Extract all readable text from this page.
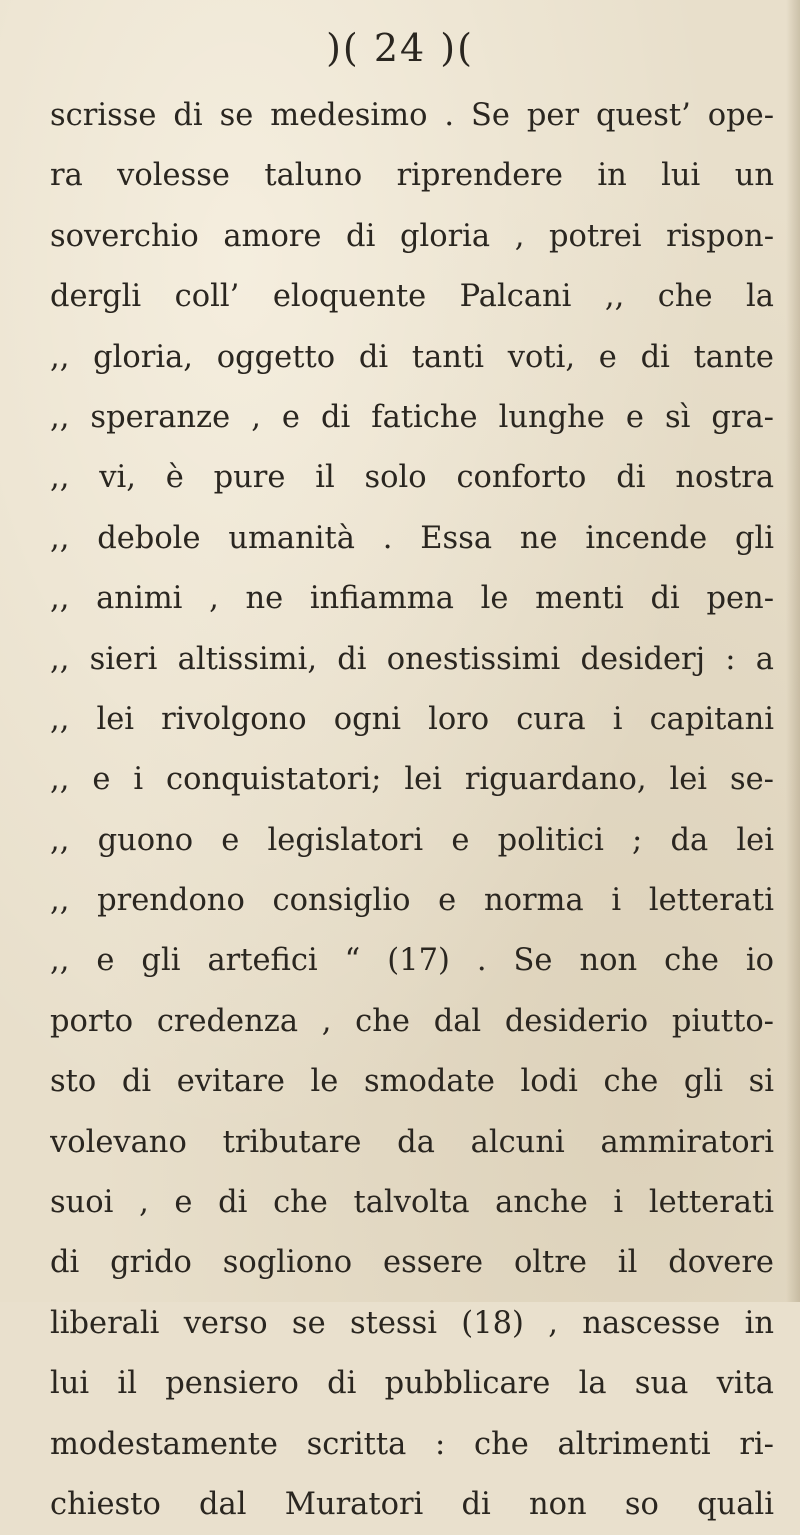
)( 24 )(
scrisse di se medesimo . Se per quest’ ope-
ra volesse taluno riprendere in lui un
soverchio amore di gloria , potrei rispon-
dergli coll’ eloquente Palcani ,, che la
,, gloria, oggetto di tanti voti, e di tante
,, speranze , e di fatiche lunghe e sì gra-
,, vi, è pure il solo conforto di nostra
,, debole umanità . Essa ne incende gli
,, animi , ne infiamma le menti di pen-
,, sieri altissimi, di onestissimi desiderj : a
,, lei rivolgono ogni loro cura i capitani
,, e i conquistatori; lei riguardano, lei se-
,, guono e legislatori e politici ; da lei
,, prendono consiglio e norma i letterati
,, e gli artefici “ (17) . Se non che io
porto credenza , che dal desiderio piutto-
sto di evitare le smodate lodi che gli si
volevano tributare da alcuni ammiratori
suoi , e di che talvolta anche i letterati
di grido sogliono essere oltre il dovere
liberali verso se stessi (18) , nascesse in
lui il pensiero di pubblicare la sua vita
modestamente scritta : che altrimenti ri-
chiesto dal Muratori di non so quali
